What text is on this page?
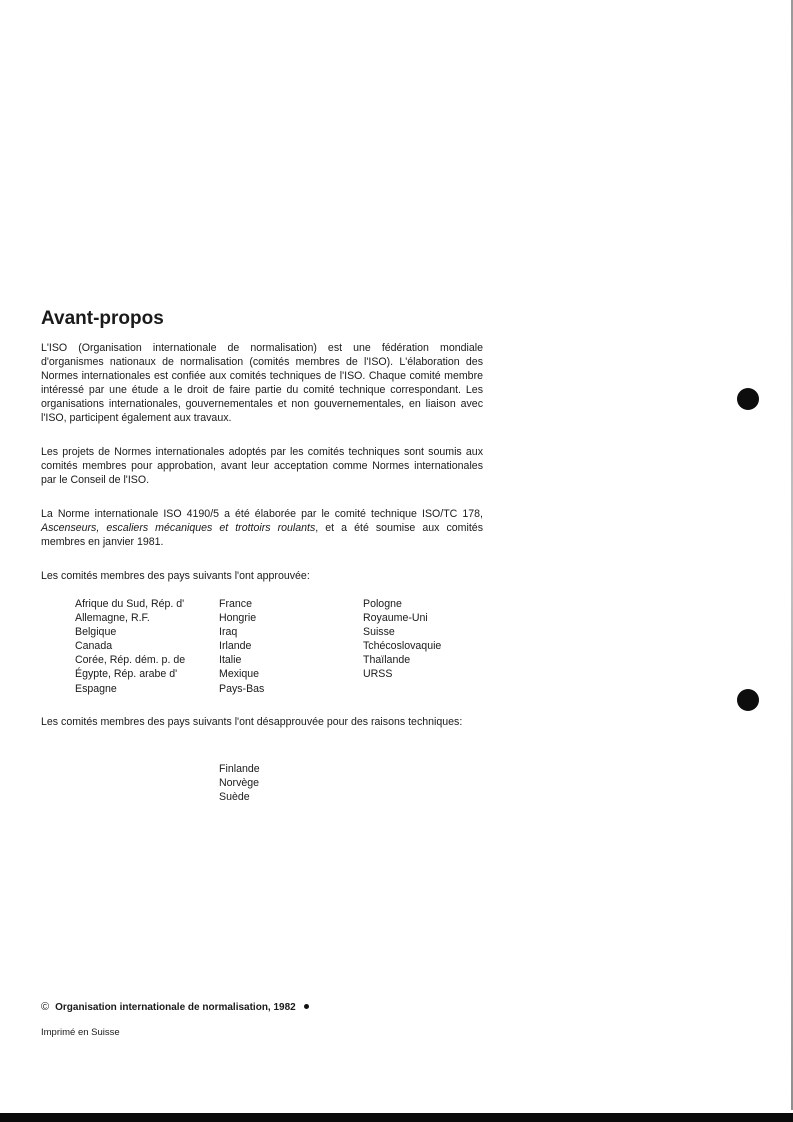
Avant-propos

L'ISO (Organisation internationale de normalisation) est une fédération mondiale d'organismes nationaux de normalisation (comités membres de l'ISO). L'élaboration des Normes internationales est confiée aux comités techniques de l'ISO. Chaque comité membre intéressé par une étude a le droit de faire partie du comité technique correspondant. Les organisations internationales, gouvernementales et non gouvernementales, en liaison avec l'ISO, participent également aux travaux.

Les projets de Normes internationales adoptés par les comités techniques sont soumis aux comités membres pour approbation, avant leur acceptation comme Normes internationales par le Conseil de l'ISO.

La Norme internationale ISO 4190/5 a été élaborée par le comité technique ISO/TC 178, Ascenseurs, escaliers mécaniques et trottoirs roulants, et a été soumise aux comités membres en janvier 1981.

Les comités membres des pays suivants l'ont approuvée:

Afrique du Sud, Rép. d'
Allemagne, R.F.
Belgique
Canada
Corée, Rép. dém. p. de
Égypte, Rép. arabe d'
Espagne
France
Hongrie
Iraq
Irlande
Italie
Mexique
Pays-Bas
Pologne
Royaume-Uni
Suisse
Tchécoslovaquie
Thaïlande
URSS

Les comités membres des pays suivants l'ont désapprouvée pour des raisons techniques:

Finlande
Norvège
Suède
© Organisation internationale de normalisation, 1982
Imprimé en Suisse
